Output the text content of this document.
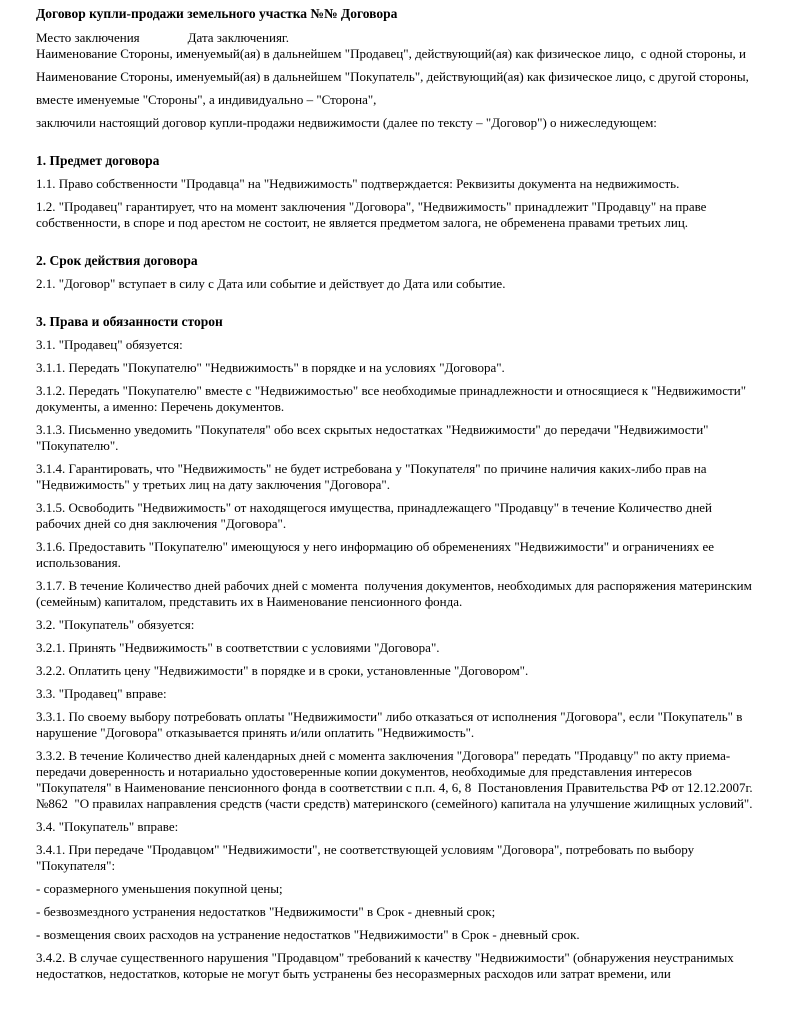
Договор купли-продажи земельного участка №№ Договора

Место заключения	Дата заключенияг.

Наименование Стороны, именуемый(ая) в дальнейшем "Продавец", действующий(ая) как физическое лицо,  с одной стороны, и

Наименование Стороны, именуемый(ая) в дальнейшем "Покупатель", действующий(ая) как физическое лицо, с другой стороны,

вместе именуемые "Стороны", а индивидуально – "Сторона",

заключили настоящий договор купли-продажи недвижимости (далее по тексту – "Договор") о нижеследующем:

1. Предмет договора

1.1. Право собственности "Продавца" на "Недвижимость" подтверждается: Реквизиты документа на недвижимость.

1.2. "Продавец" гарантирует, что на момент заключения "Договора", "Недвижимость" принадлежит "Продавцу" на праве собственности, в споре и под арестом не состоит, не является предметом залога, не обременена правами третьих лиц.

2. Срок действия договора

2.1. "Договор" вступает в силу с Дата или событие и действует до Дата или событие.

3. Права и обязанности сторон

3.1. "Продавец" обязуется:

3.1.1. Передать "Покупателю" "Недвижимость" в порядке и на условиях "Договора".

3.1.2. Передать "Покупателю" вместе с "Недвижимостью" все необходимые принадлежности и относящиеся к "Недвижимости" документы, а именно: Перечень документов.

3.1.3. Письменно уведомить "Покупателя" обо всех скрытых недостатках "Недвижимости" до передачи "Недвижимости" "Покупателю".

3.1.4. Гарантировать, что "Недвижимость" не будет истребована у "Покупателя" по причине наличия каких-либо прав на "Недвижимость" у третьих лиц на дату заключения "Договора".

3.1.5. Освободить "Недвижимость" от находящегося имущества, принадлежащего "Продавцу" в течение Количество дней рабочих дней со дня заключения "Договора".

3.1.6. Предоставить "Покупателю" имеющуюся у него информацию об обременениях "Недвижимости" и ограничениях ее использования.

3.1.7. В течение Количество дней рабочих дней с момента  получения документов, необходимых для распоряжения материнским (семейным) капиталом, представить их в Наименование пенсионного фонда.

3.2. "Покупатель" обязуется:

3.2.1. Принять "Недвижимость" в соответствии с условиями "Договора".

3.2.2. Оплатить цену "Недвижимости" в порядке и в сроки, установленные "Договором".

3.3. "Продавец" вправе:

3.3.1. По своему выбору потребовать оплаты "Недвижимости" либо отказаться от исполнения "Договора", если "Покупатель" в нарушение "Договора" отказывается принять и/или оплатить "Недвижимость".

3.3.2. В течение Количество дней календарных дней с момента заключения "Договора" передать "Продавцу" по акту приема-передачи доверенность и нотариально удостоверенные копии документов, необходимые для представления интересов "Покупателя" в Наименование пенсионного фонда в соответствии с п.п. 4, 6, 8  Постановления Правительства РФ от 12.12.2007г. №862  "О правилах направления средств (части средств) материнского (семейного) капитала на улучшение жилищных условий".

3.4. "Покупатель" вправе:

3.4.1. При передаче "Продавцом" "Недвижимости", не соответствующей условиям "Договора", потребовать по выбору "Покупателя":

- соразмерного уменьшения покупной цены;

- безвозмездного устранения недостатков "Недвижимости" в Срок - дневный срок;

- возмещения своих расходов на устранение недостатков "Недвижимости" в Срок - дневный срок.

3.4.2. В случае существенного нарушения "Продавцом" требований к качеству "Недвижимости" (обнаружения неустранимых недостатков, недостатков, которые не могут быть устранены без несоразмерных расходов или затрат времени, или
